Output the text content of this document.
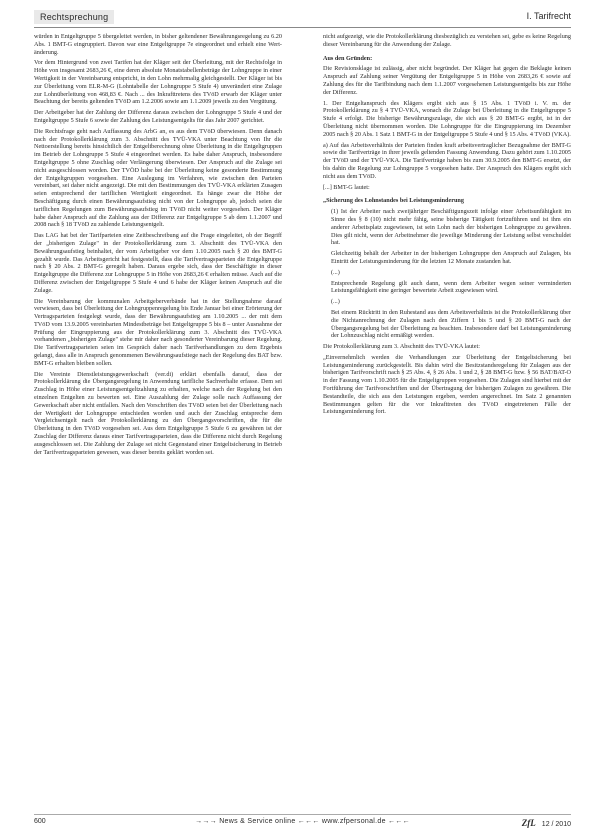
Rechtsprechung	I. Tarifrecht

würden in Entgeltgruppe 5 übergeleitet werden, in bisher geltendener Bewährungsregelung zu 6.20 Abs. 1 BMT-G eingruppiert. Davon war eine Entgeltgruppe 7e eingeordnet und erhielt eine Wert-änderung.

Vor dem Hintergrund von zwei Tarifen hat der Kläger seit der Überleitung, mit der Rechtsfolge in Höhe von insgesamt 2683,26 €, eine deren absolute Monatstabellenbeträge der Lohngruppe in einer Wertigkeit in der Vereinbarung entspricht, in den Lohn mehrmalig gleichgestellt. Der Kläger ist bis zur Überleitung vom ELR-M-G (Lohntabelle der Lohngruppe 5 Stufe 4) unverändert eine Zulage zur Lohnüberleitung von 468,83 €. Nach ... des Inkrafttretens des TVöD erwarb der Kläger unter Beachtung der bereits geltenden TVöD am 1.2.2006 sowie am 1.1.2009 jeweils zu den Vergütung.

Der Arbeitgeber hat der Zahlung der Differenz daraus zwischen der Lohngruppe 5 Stufe 4 und der Entgeltgruppe 5 Stufe 6 sowie der Zahlung des Leistungsentgelts für das Jahr 2007 gerichtet.

Die Rechtsfrage geht nach Auffassung des ArbG an, es aus dem TVöD überwiesen. Denn danach nach der Protokollerklärung zum 3. Abschnitt des TVÜ-VKA unter Beachtung von Ihr die Nettoerstellung bereits hinsichtlich der Entgeltberechnung ohne Überleitung in die Entgeltgruppen im Betrieb der Lohngruppe 5 Stufe 4 eingeordnet werden. Es habe daher Anspruch, insbesondere Entgeltgruppe 5 ohne Zuschlag oder Verlängerung überwiesen. Der Anspruch auf die Zulage sei nicht ausgeschlossen worden. Der TVÖD habe bei der Überleitung keine gesonderte Bestimmung der Entgeltgruppen vorgesehen. Eine Auslegung im Verfahren, wie zwischen den Parteien vereinbart, sei daher nicht angezeigt. Die mit den Bestimmungen des TVÜ-VKA erklärten Zusagen seien entsprechend der tariflichen Wertigkeit eingeordnet. Es hänge zwar die Höhe der Beschäftigung durch einen Bewährungsaufstieg nicht von der Lohngruppe ab, jedoch seien die tariflichen Regelungen zum Bewährungsaufstieg im TVöD nicht weiter vorgesehen. Der Kläger habe daher Anspruch auf die Zahlung aus der Differenz zur Entgeltgruppe 5 ab dem 1.1.2007 und 2008 nach § 18 TVöD zu zahlende Leistungsentgelt.

Das LAG hat bei der Tarifparteien eine Zeitbeschreibung auf die Frage eingeleitet, ob der Begriff der „bisherigen Zulage" in der Protokollerklärung zum 3. Abschnitt des TVÜ-VKA den Bewährungsaufstieg beinhaltet, der vom Arbeitgeber vor dem 1.10.2005 nach § 20 des BMT-G gezahlt wurde. Das Arbeitsgericht hat festgestellt, dass die Tarifvertragsparteien die Entgeltgruppe nach § 20 Abs. 2 BMT-G geregelt haben. Daraus ergebe sich, dass der Beschäftigte in dieser Entgeltgruppe die Differenz zur Lohngruppe 5 in Höhe von 2683,26 € erhalten müsse. Auch auf die Differenz zwischen der Entgeltgruppe 5 Stufe 4 und 6 habe der Kläger keinen Anspruch auf die Zulage.

Die Vereinbarung der kommunalen Arbeitgeberverbände hat in der Stellungnahme darauf verwiesen, dass bei Überleitung der Lohngruppenregelung bis Ende Januar bei einer Erörterung der Vertragsparteien festgelegt wurde, dass der Bewährungsaufstieg am 1.10.2005 ... der mit dem TVöD vom 13.9.2005 vereinbarten Mindestbeträge bei Entgeltgruppe 5 bis 8 – unter Ausnahme der Prüfung der Eingruppierung aus der Protokollerklärung zum 3. Abschnitt des TVÜ-VKA vorhandenen „bisherigen Zulage" stehe mir daher nach gesonderter Vereinbarung dieser Regelung. Die Tarifvertragsparteien seien im Gespräch daher nach Tarifverhandlungen zu dem Ergebnis gelangt, dass alle in Anspruch genommenen Bewährungsaufstiege nach der Regelung des BAT bzw. BMT-G erhalten bleiben sollen.

Die Vereinte Dienstleistungsgewerkschaft (ver.di) erklärt ebenfalls darauf, dass der Protokollerklärung die Übergangsregelung in Anwendung tarifliche Sachverhalte erfasse. Dem sei Zuschlag in Höhe einer Leistungsentgeltzahlung zu erhalten, welche nach der Regelung bei den einzelnen Entgelten zu bewerten sei. Eine Auszahlung der Zulage solle nach Auffassung der Gewerkschaft aber nicht entfallen. Nach den Vorschriften des TVöD seien bei der Überleitung nach der Wertigkeit der Lohngruppe entschieden worden und auch der Zuschlag entspreche dem Vergleichsentgelt nach der Protokollerklärung zu den Übergangsvorschriften, die für die Überleitung in den TVöD vorgesehen sei. Aus dem Entgeltgruppe 5 Stufe 6 zu gewähren ist der Zuschlag der Differenz daraus einer Tarifvertragsparteien, dass die Differenz nicht durch Regelung ausgeschlossen sei. Die Zahlung der Zulage sei nicht Gegenstand einer Entgeltsicherung in Betrieb der Tarifvertragsparteien gewesen, was dieser bereits geklärt worden sei.

nicht aufgezeigt, wie die Protokollerklärung diesbezüglich zu verstehen sei, gebe es keine Regelung dieser Vereinbarung für die Anwendung der Zulage.

Aus den Gründen:

Die Revisionsklage ist zulässig, aber nicht begründet. Der Kläger hat gegen die Beklagte keinen Anspruch auf Zahlung seiner Vergütung der Entgeltgruppe 5 in Höhe von 2683,26 € sowie auf Zahlung des für die Tarifbindung nach dem 1.1.2007 vorgesehenen Leistungsentgelts bis zur Höhe der Differenz.

1. Der Entgeltanspruch des Klägers ergibt sich aus § 15 Abs. 1 TVöD i. V. m. der Protokollerklärung zu § 4 TVÜ-VKA, wonach die Zulage bei Überleitung in die Entgeltgruppe 5 Stufe 4 erfolgt. Die bisherige Bewährungszulage, die sich aus § 20 BMT-G ergibt, ist in der Überleitung nicht übernommen worden. Die Lohngruppe für die Eingruppierung im Dezember 2005 nach § 20 Abs. 1 Satz 1 BMT-G in der Entgeltgruppe 5 Stufe 4 und § 15 Abs. 4 TVöD (VKA).

a) Auf das Arbeitsverhältnis der Parteien finden kraft arbeitsvertraglicher Bezugnahme der BMT-G sowie die Tarifverträge in ihrer jeweils geltenden Fassung Anwendung. Dazu gehört zum 1.10.2005 der TVöD und der TVÜ-VKA. Die Tarifverträge haben bis zum 30.9.2005 den BMT-G ersetzt, der bis dahin die Regelung zur Lohngruppe 5 vorgesehen hatte. Der Anspruch des Klägers ergibt sich nicht aus dem TVöD.

[...] BMT-G lautet:

„Sicherung des Lohnstandes bei Leistungsminderung

(1) Ist der Arbeiter nach zweijähriger Beschäftigungszeit infolge einer Arbeitsunfähigkeit im Sinne des § 8 (10) nicht mehr fähig, seine bisherige Tätigkeit fortzuführen und ist ihm ein anderer Arbeitsplatz zugewiesen, ist sein Lohn nach der bisherigen Lohngruppe zu gewähren. Dies gilt nicht, wenn der Arbeitnehmer die jeweilige Minderung der Leistung selbst verschuldet hat.

Gleichzeitig behält der Arbeiter in der bisherigen Lohngruppe den Anspruch auf Zulagen, bis Eintritt der Leistungsminderung für die letzten 12 Monate zustanden hat.

(...)

Entsprechende Regelung gilt auch dann, wenn dem Arbeiter wegen seiner verminderten Leistungsfähigkeit eine geringer bewertete Arbeit zugewiesen wird.

(...)

Bei einem Rücktritt in den Ruhestand aus dem Arbeitsverhältnis ist die Protokollerklärung über die Nichtanrechnung der Zulagen nach den Ziffern 1 bis 5 und § 20 BMT-G nach der Übergangsregelung bei der Überleitung zu beachten. Insbesondere darf bei Leistungsminderung der Lohnzuschlag nicht ermäßigt werden.

Die Protokollerklärung zum 3. Abschnitt des TVÜ-VKA lautet:

„Einvernehmlich werden die Verhandlungen zur Überleitung der Entgeltsicherung bei Leistungsminderung zurückgestellt. Bis dahin wird die Besitzstandsregelung für Zulagen aus der bisherigen Tarifvorschrift nach § 25 Abs. 4, § 26 Abs. 1 und 2, § 28 BMT-G bzw. § 56 BAT/BAT-O in der Fassung vom 1.10.2005 für die Entgeltgruppen vorgesehen. Die Zulagen sind hierbei mit der Fortführung der Tarifvorschriften und der Übertragung der bisherigen Zulagen zu gewähren. Die Bestandteile, die sich aus den Leistungen ergeben, werden angerechnet. Im Satz 2 genannten Bestimmungen gelten für die vor Inkrafttreten des TVöD eingetretenen Fälle der Leistungsminderung fort.

600	→→→ News & Service online ←←← www.zfpersonal.de ←←←	ZfL 12 / 2010
